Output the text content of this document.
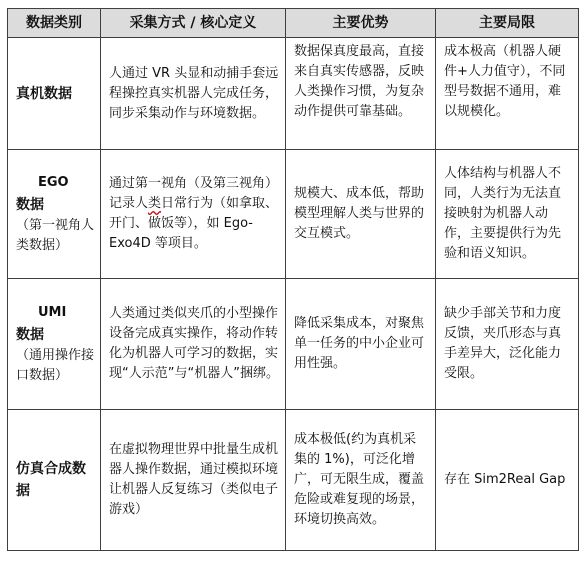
数据类别	采集方式 / 核心定义	主要优势	主要局限

真机数据	人通过 VR 头显和动捕手套远程操控真实机器人完成任务，同步采集动作与环境数据。	数据保真度最高，直接来自真实传感器，反映人类操作习惯，为复杂动作提供可靠基础。	成本极高（机器人硬件+人力值守），不同型号数据不通用，难以规模化。

EGO
数据
（第一视角人类数据）	通过第一视角（及第三视角）记录人类日常行为（如拿取、开门、做饭等），如 Ego-Exo4D 等项目。	规模大、成本低，帮助模型理解人类与世界的交互模式。	人体结构与机器人不同，人类行为无法直接映射为机器人动作，主要提供行为先验和语义知识。

UMI
数据
（通用操作接口数据）	人类通过类似夹爪的小型操作设备完成真实操作，将动作转化为机器人可学习的数据，实现“人示范”与“机器人”捆绑。	降低采集成本，对聚焦单一任务的中小企业可用性强。	缺少手部关节和力度反馈，夹爪形态与真手差异大，泛化能力受限。

仿真合成数据	在虚拟物理世界中批量生成机器人操作数据，通过模拟环境让机器人反复练习（类似电子游戏）	成本极低(约为真机采集的 1%)，可泛化增广，可无限生成，覆盖危险或难复现的场景，环境切换高效。	存在 Sim2Real Gap
